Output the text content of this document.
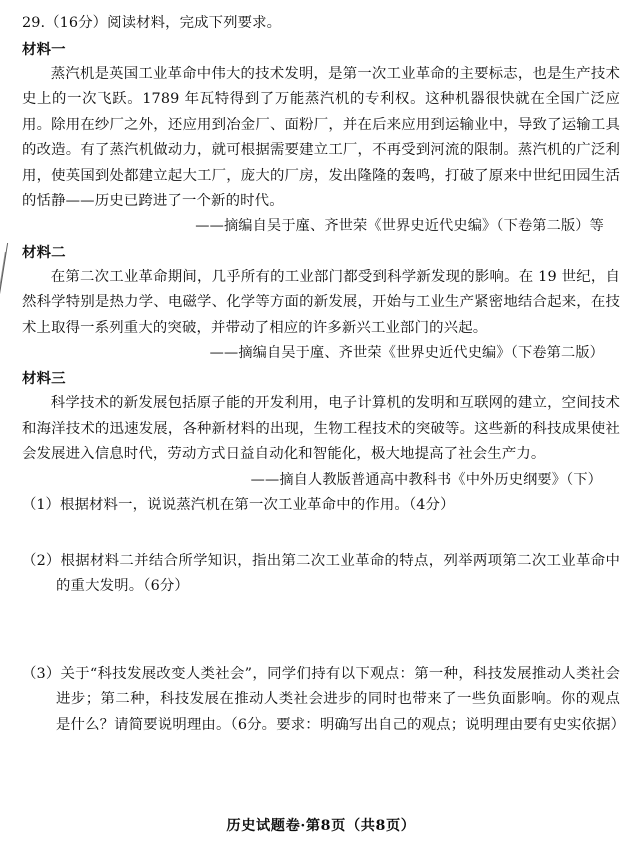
29.（16分）阅读材料，完成下列要求。

材料一

蒸汽机是英国工业革命中伟大的技术发明，是第一次工业革命的主要标志，也是生产技术史上的一次飞跃。1789 年瓦特得到了万能蒸汽机的专利权。这种机器很快就在全国广泛应用。除用在纱厂之外，还应用到冶金厂、面粉厂，并在后来应用到运输业中，导致了运输工具的改造。有了蒸汽机做动力，就可根据需要建立工厂，不再受到河流的限制。蒸汽机的广泛利用，使英国到处都建立起大工厂，庞大的厂房，发出隆隆的轰鸣，打破了原来中世纪田园生活的恬静——历史已跨进了一个新的时代。

——摘编自吴于廑、齐世荣《世界史近代史编》（下卷第二版）等

材料二

在第二次工业革命期间，几乎所有的工业部门都受到科学新发现的影响。在 19 世纪，自然科学特别是热力学、电磁学、化学等方面的新发展，开始与工业生产紧密地结合起来，在技术上取得一系列重大的突破，并带动了相应的许多新兴工业部门的兴起。

——摘编自吴于廑、齐世荣《世界史近代史编》（下卷第二版）

材料三

科学技术的新发展包括原子能的开发利用，电子计算机的发明和互联网的建立，空间技术和海洋技术的迅速发展，各种新材料的出现，生物工程技术的突破等。这些新的科技成果使社会发展进入信息时代，劳动方式日益自动化和智能化，极大地提高了社会生产力。

——摘自人教版普通高中教科书《中外历史纲要》（下）

（1）根据材料一，说说蒸汽机在第一次工业革命中的作用。（4分）

（2）根据材料二并结合所学知识，指出第二次工业革命的特点，列举两项第二次工业革命中的重大发明。（6分）

（3）关于“科技发展改变人类社会”，同学们持有以下观点：第一种，科技发展推动人类社会进步；第二种，科技发展在推动人类社会进步的同时也带来了一些负面影响。你的观点是什么？请简要说明理由。（6分。要求：明确写出自己的观点；说明理由要有史实依据）

历史试题卷·第8页（共8页）
